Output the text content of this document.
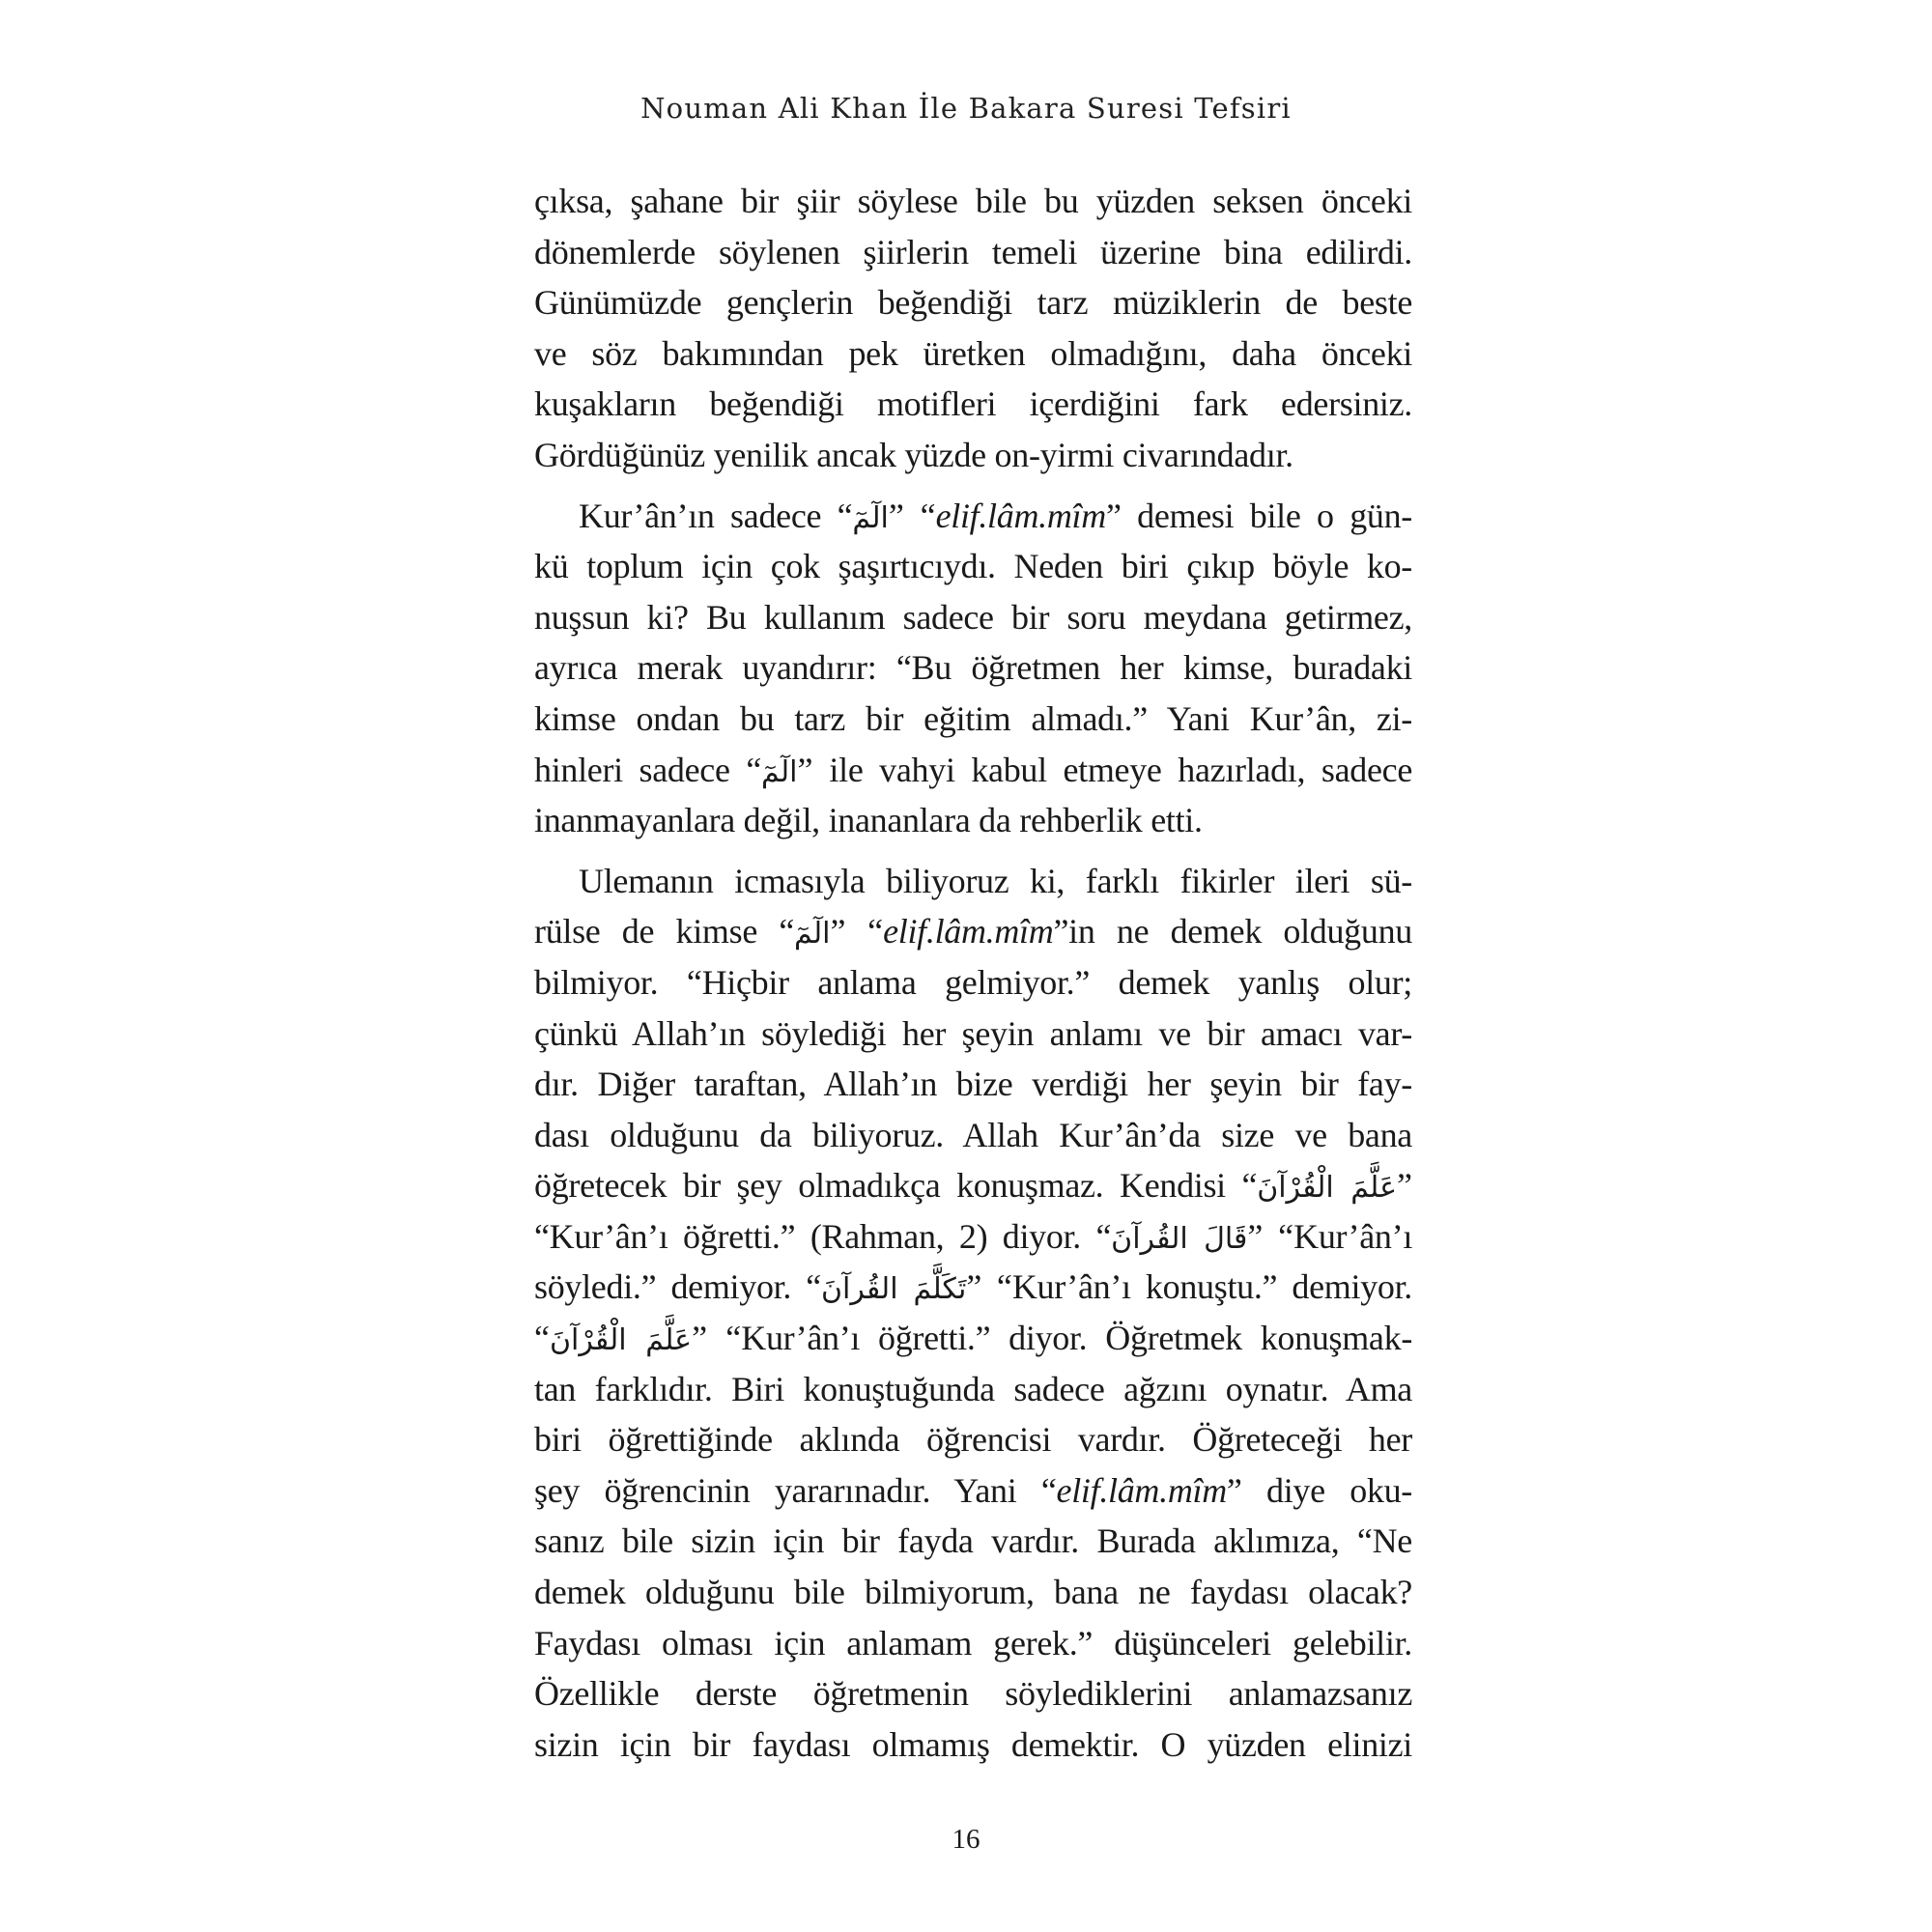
Nouman Ali Khan İle Bakara Suresi Tefsiri
çıksa, şahane bir şiir söylese bile bu yüzden seksen önceki
dönemlerde söylenen şiirlerin temeli üzerine bina edilirdi.
Günümüzde gençlerin beğendiği tarz müziklerin de beste
ve söz bakımından pek üretken olmadığını, daha önceki
kuşakların beğendiği motifleri içerdiğini fark edersiniz.
Gördüğünüz yenilik ancak yüzde on-yirmi civarındadır.
Kur’ân’ın sadece “الٓمٓ” “elif.lâm.mîm” demesi bile o gün-
kü toplum için çok şaşırtıcıydı. Neden biri çıkıp böyle ko-
nuşsun ki? Bu kullanım sadece bir soru meydana getirmez,
ayrıca merak uyandırır: “Bu öğretmen her kimse, buradaki
kimse ondan bu tarz bir eğitim almadı.” Yani Kur’ân, zi-
hinleri sadece “الٓمٓ” ile vahyi kabul etmeye hazırladı, sadece
inanmayanlara değil, inananlara da rehberlik etti.
Ulemanın icmasıyla biliyoruz ki, farklı fikirler ileri sü-
rülse de kimse “الٓمٓ” “elif.lâm.mîm”in ne demek olduğunu
bilmiyor. “Hiçbir anlama gelmiyor.” demek yanlış olur;
çünkü Allah’ın söylediği her şeyin anlamı ve bir amacı var-
dır. Diğer taraftan, Allah’ın bize verdiği her şeyin bir fay-
dası olduğunu da biliyoruz. Allah Kur’ân’da size ve bana
öğretecek bir şey olmadıkça konuşmaz. Kendisi “عَلَّمَ الْقُرْآنَ”
“Kur’ân’ı öğretti.” (Rahman, 2) diyor. “قَالَ القُرآنَ” “Kur’ân’ı
söyledi.” demiyor. “تَكَلَّمَ القُرآنَ” “Kur’ân’ı konuştu.” demiyor.
“عَلَّمَ الْقُرْآنَ” “Kur’ân’ı öğretti.” diyor. Öğretmek konuşmak-
tan farklıdır. Biri konuştuğunda sadece ağzını oynatır. Ama
biri öğrettiğinde aklında öğrencisi vardır. Öğreteceği her
şey öğrencinin yararınadır. Yani “elif.lâm.mîm” diye oku-
sanız bile sizin için bir fayda vardır. Burada aklımıza, “Ne
demek olduğunu bile bilmiyorum, bana ne faydası olacak?
Faydası olması için anlamam gerek.” düşünceleri gelebilir.
Özellikle derste öğretmenin söylediklerini anlamazsanız
sizin için bir faydası olmamış demektir. O yüzden elinizi
16
